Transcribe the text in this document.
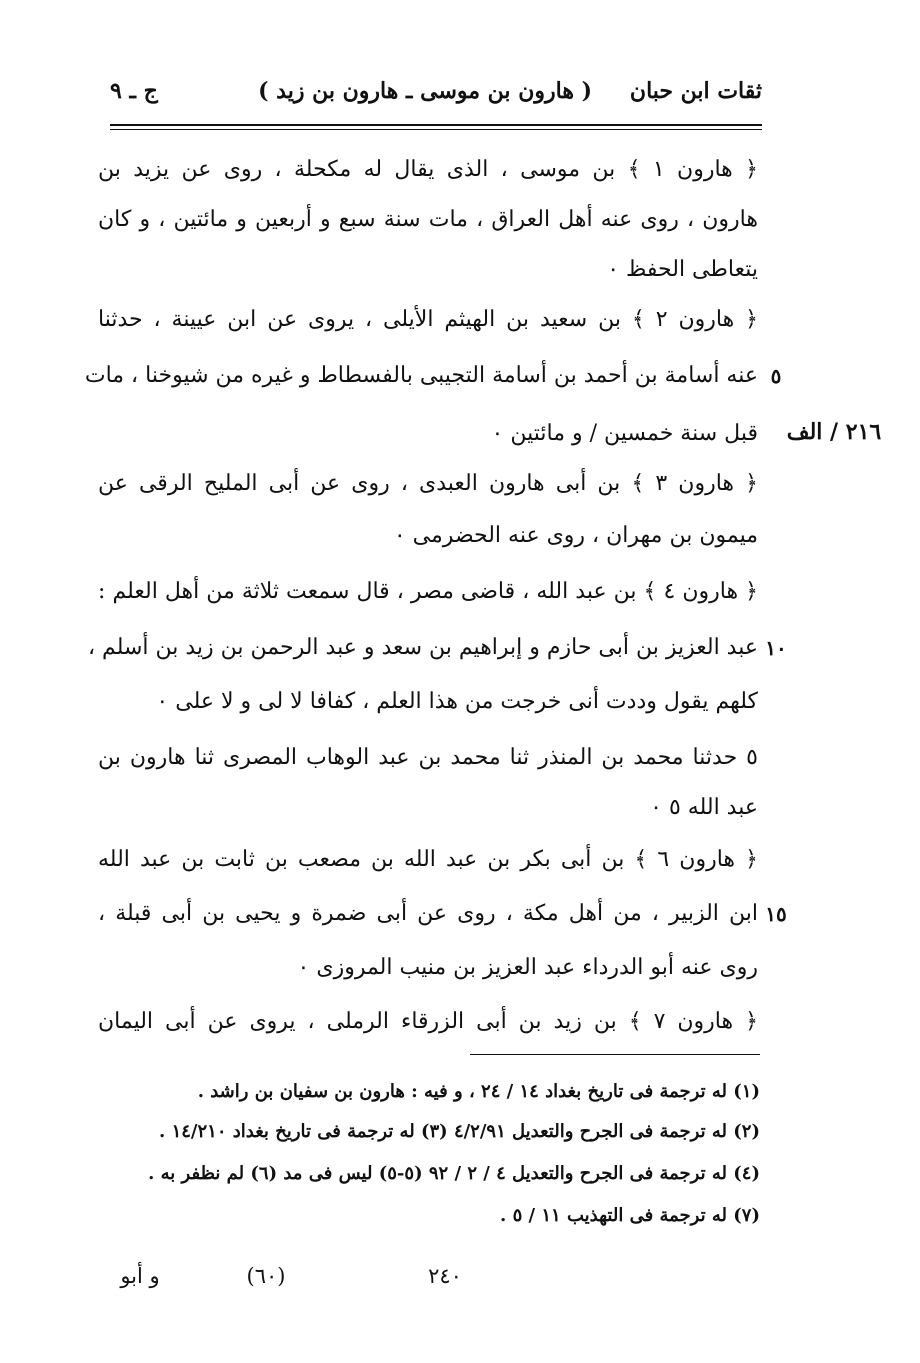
ثقات ابن حبان
( هارون بن موسى ـ هارون بن زيد )
ج ـ ٩
﴿ هارون ١ ﴾ بن موسى ، الذى يقال له مكحلة ، روى عن يزيد بن
هارون ، روى عنه أهل العراق ، مات سنة سبع و أربعين و مائتين ، و كان
يتعاطى الحفظ ٠
﴿ هارون ٢ ﴾ بن سعيد بن الهيثم الأيلى ، يروى عن ابن عيينة ، حدثنا
عنه أسامة بن أحمد بن أسامة التجيبى بالفسطاط و غيره من شيوخنا ، مات ٥
قبل سنة خمسين / و مائتين ٠ ٢١٦ / الف
﴿ هارون ٣ ﴾ بن أبى هارون العبدى ، روى عن أبى المليح الرقى عن
ميمون بن مهران ، روى عنه الحضرمى ٠
﴿ هارون ٤ ﴾ بن عبد الله ، قاضى مصر ، قال سمعت ثلاثة من أهل العلم :
عبد العزيز بن أبى حازم و إبراهيم بن سعد و عبد الرحمن بن زيد بن أسلم ، ١٠
كلهم يقول وددت أنى خرجت من هذا العلم ، كفافا لا لى و لا على ٠
٥ حدثنا محمد بن المنذر ثنا محمد بن عبد الوهاب المصرى ثنا هارون بن
عبد الله ٥ ٠
﴿ هارون ٦ ﴾ بن أبى بكر بن عبد الله بن مصعب بن ثابت بن عبد الله
ابن الزبير ، من أهل مكة ، روى عن أبى ضمرة و يحيى بن أبى قبلة ، ١٥
روى عنه أبو الدرداء عبد العزيز بن منيب المروزى ٠
﴿ هارون ٧ ﴾ بن زيد بن أبى الزرقاء الرملى ، يروى عن أبى اليمان
(١) له ترجمة فى تاريخ بغداد ١٤ / ٢٤ ، و فيه : هارون بن سفيان بن راشد .
(٢) له ترجمة فى الجرح والتعديل ٤/٢/٩١ (٣) له ترجمة فى تاريخ بغداد ١٤/٢١٠ .
(٤) له ترجمة فى الجرح والتعديل ٤ / ٢ / ٩٢ (٥-٥) ليس فى مد (٦) لم نظفر به .
(٧) له ترجمة فى التهذيب ١١ / ٥ .
٢٤٠
(٦٠)
و أبو
